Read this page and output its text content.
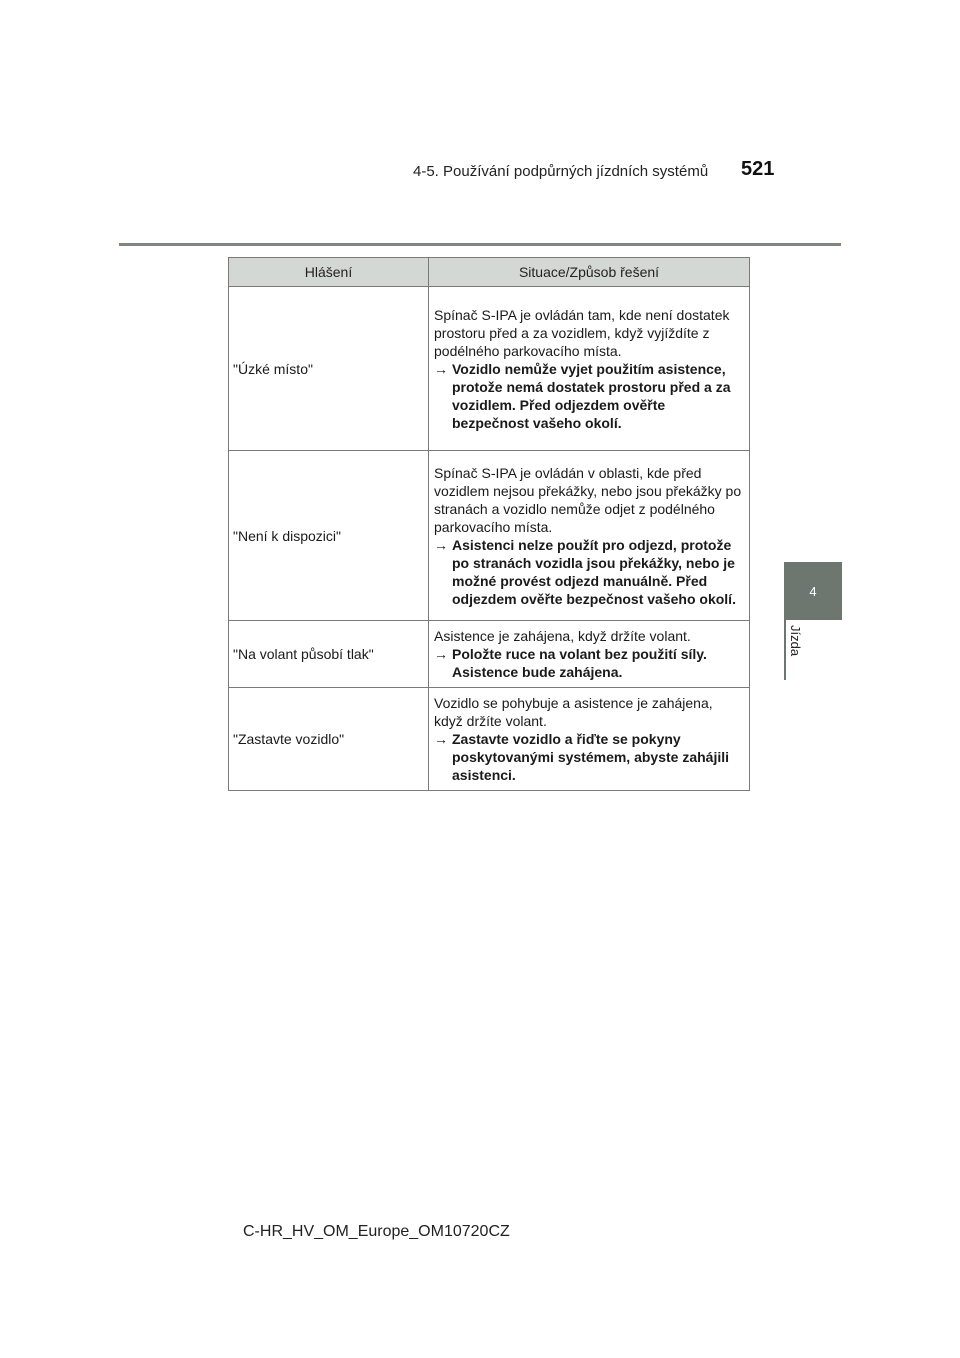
4-5. Používání podpůrných jízdních systémů 521
4
Jízda
Hlášení	Situace/Způsob řešení
"Úzké místo"	Spínač S-IPA je ovládán tam, kde není dostatek prostoru před a za vozidlem, když vyjíždíte z podélného parkovacího místa.
→ Vozidlo nemůže vyjet použitím asistence, protože nemá dostatek prostoru před a za vozidlem. Před odjezdem ověřte bezpečnost vašeho okolí.

"Není k dispozici"	Spínač S-IPA je ovládán v oblasti, kde před vozidlem nejsou překážky, nebo jsou překážky po stranách a vozidlo nemůže odjet z podélného parkovacího místa.
→ Asistenci nelze použít pro odjezd, protože po stranách vozidla jsou překážky, nebo je možné provést odjezd manuálně. Před odjezdem ověřte bezpečnost vašeho okolí.

"Na volant působí tlak"	Asistence je zahájena, když držíte volant.
→ Položte ruce na volant bez použití síly. Asistence bude zahájena.

"Zastavte vozidlo"	Vozidlo se pohybuje a asistence je zahájena, když držíte volant.
→ Zastavte vozidlo a řiďte se pokyny poskytovanými systémem, abyste zahájili asistenci.
C-HR_HV_OM_Europe_OM10720CZ
